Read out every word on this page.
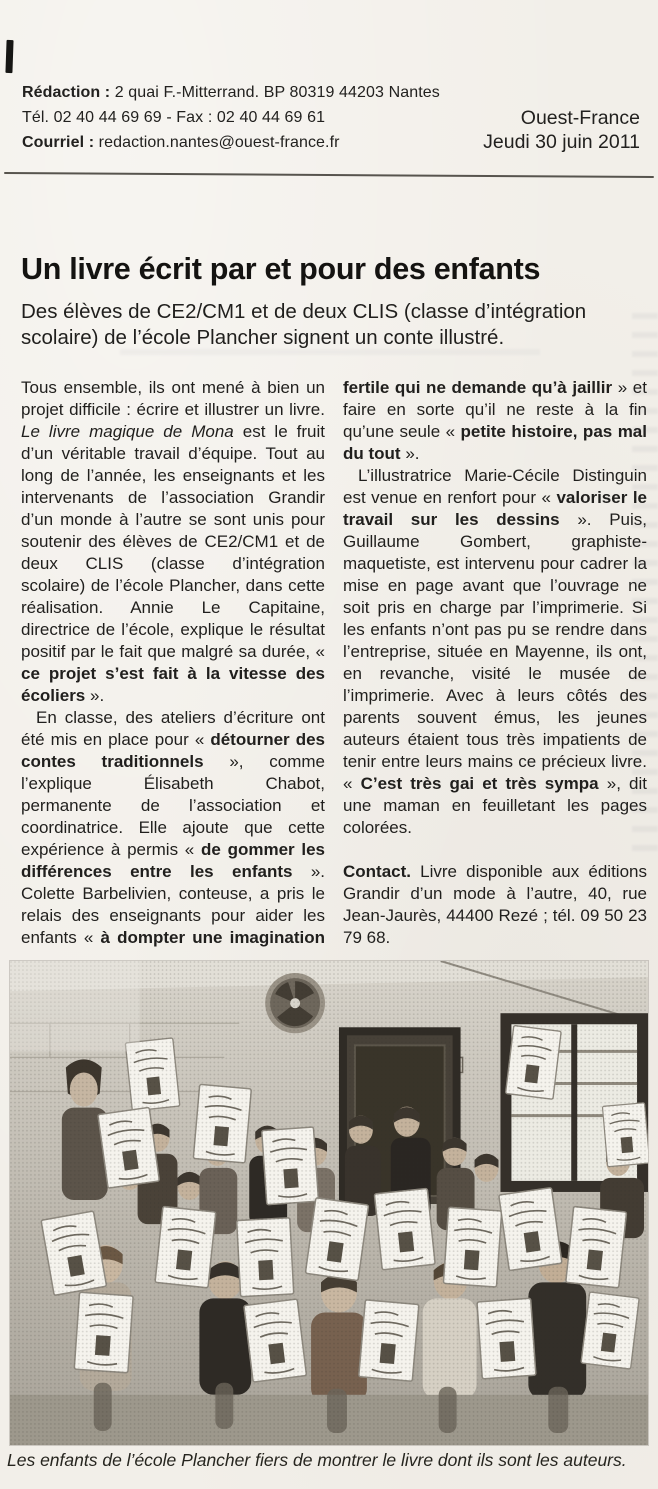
Rédaction : 2 quai F.-Mitterrand. BP 80319 44203 Nantes
Tél. 02 40 44 69 69 - Fax : 02 40 44 69 61
Courriel : redaction.nantes@ouest-france.fr
Ouest-France
Jeudi 30 juin 2011
Un livre écrit par et pour des enfants

Des élèves de CE2/CM1 et de deux CLIS (classe d’intégration scolaire) de l’école Plancher signent un conte illustré.

Tous ensemble, ils ont mené à bien un projet difficile : écrire et illustrer un livre. Le livre magique de Mona est le fruit d’un véritable travail d’équipe. Tout au long de l’année, les enseignants et les intervenants de l’association Grandir d’un monde à l’autre se sont unis pour soutenir des élèves de CE2/CM1 et de deux CLIS (classe d’intégration scolaire) de l’école Plancher, dans cette réalisation. Annie Le Capitaine, directrice de l’école, explique le résultat positif par le fait que malgré sa durée, « ce projet s’est fait à la vitesse des écoliers ».

En classe, des ateliers d’écriture ont été mis en place pour « détourner des contes traditionnels », comme l’explique Élisabeth Chabot, permanente de l’association et coordinatrice. Elle ajoute que cette expérience à permis « de gommer les différences entre les enfants ». Colette Barbelivien, conteuse, a pris le relais des enseignants pour aider les enfants « à dompter une imagination fertile qui ne demande qu’à jaillir » et faire en sorte qu’il ne reste à la fin qu’une seule « petite histoire, pas mal du tout ».

L’illustratrice Marie-Cécile Distinguin est venue en renfort pour « valoriser le travail sur les dessins ». Puis, Guillaume Gombert, graphiste-maquetiste, est intervenu pour cadrer la mise en page avant que l’ouvrage ne soit pris en charge par l’imprimerie. Si les enfants n’ont pas pu se rendre dans l’entreprise, située en Mayenne, ils ont, en revanche, visité le musée de l’imprimerie. Avec à leurs côtés des parents souvent émus, les jeunes auteurs étaient tous très impatients de tenir entre leurs mains ce précieux livre. « C’est très gai et très sympa », dit une maman en feuilletant les pages colorées.

Contact. Livre disponible aux éditions Grandir d’un mode à l’autre, 40, rue Jean-Jaurès, 44400 Rezé ; tél. 09 50 23 79 68.

Les enfants de l’école Plancher fiers de montrer le livre dont ils sont les auteurs.
